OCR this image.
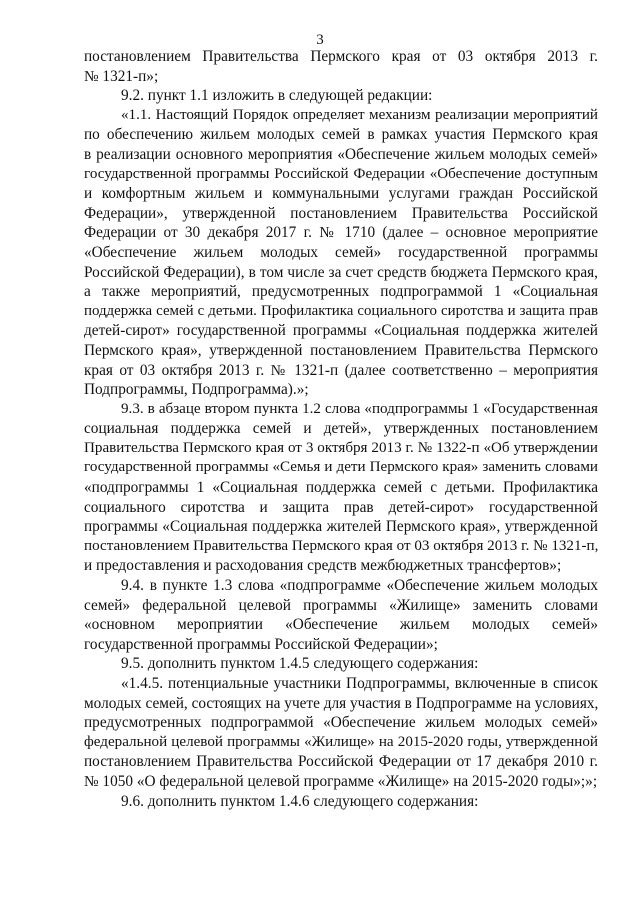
3
постановлением Правительства Пермского края от 03 октября 2013 г.
№ 1321-п»;
9.2. пункт 1.1 изложить в следующей редакции:
«1.1. Настоящий Порядок определяет механизм реализации мероприятий
по обеспечению жильем молодых семей в рамках участия Пермского края
в реализации основного мероприятия «Обеспечение жильем молодых семей»
государственной программы Российской Федерации «Обеспечение доступным
и комфортным жильем и коммунальными услугами граждан Российской
Федерации», утвержденной постановлением Правительства Российской
Федерации от 30 декабря 2017 г. № 1710 (далее – основное мероприятие
«Обеспечение жильем молодых семей» государственной программы
Российской Федерации), в том числе за счет средств бюджета Пермского края,
а также мероприятий, предусмотренных подпрограммой 1 «Социальная
поддержка семей с детьми. Профилактика социального сиротства и защита прав
детей-сирот» государственной программы «Социальная поддержка жителей
Пермского края», утвержденной постановлением Правительства Пермского
края от 03 октября 2013 г. № 1321-п (далее соответственно – мероприятия
Подпрограммы, Подпрограмма).»;
9.3. в абзаце втором пункта 1.2 слова «подпрограммы 1 «Государственная
социальная поддержка семей и детей», утвержденных постановлением
Правительства Пермского края от 3 октября 2013 г. № 1322-п «Об утверждении
государственной программы «Семья и дети Пермского края» заменить словами
«подпрограммы 1 «Социальная поддержка семей с детьми. Профилактика
социального сиротства и защита прав детей-сирот» государственной
программы «Социальная поддержка жителей Пермского края», утвержденной
постановлением Правительства Пермского края от 03 октября 2013 г. № 1321-п,
и предоставления и расходования средств межбюджетных трансфертов»;
9.4. в пункте 1.3 слова «подпрограмме «Обеспечение жильем молодых
семей» федеральной целевой программы «Жилище» заменить словами
«основном мероприятии «Обеспечение жильем молодых семей»
государственной программы Российской Федерации»;
9.5. дополнить пунктом 1.4.5 следующего содержания:
«1.4.5. потенциальные участники Подпрограммы, включенные в список
молодых семей, состоящих на учете для участия в Подпрограмме на условиях,
предусмотренных подпрограммой «Обеспечение жильем молодых семей»
федеральной целевой программы «Жилище» на 2015-2020 годы, утвержденной
постановлением Правительства Российской Федерации от 17 декабря 2010 г.
№ 1050 «О федеральной целевой программе «Жилище» на 2015-2020 годы»;»;
9.6. дополнить пунктом 1.4.6 следующего содержания:
